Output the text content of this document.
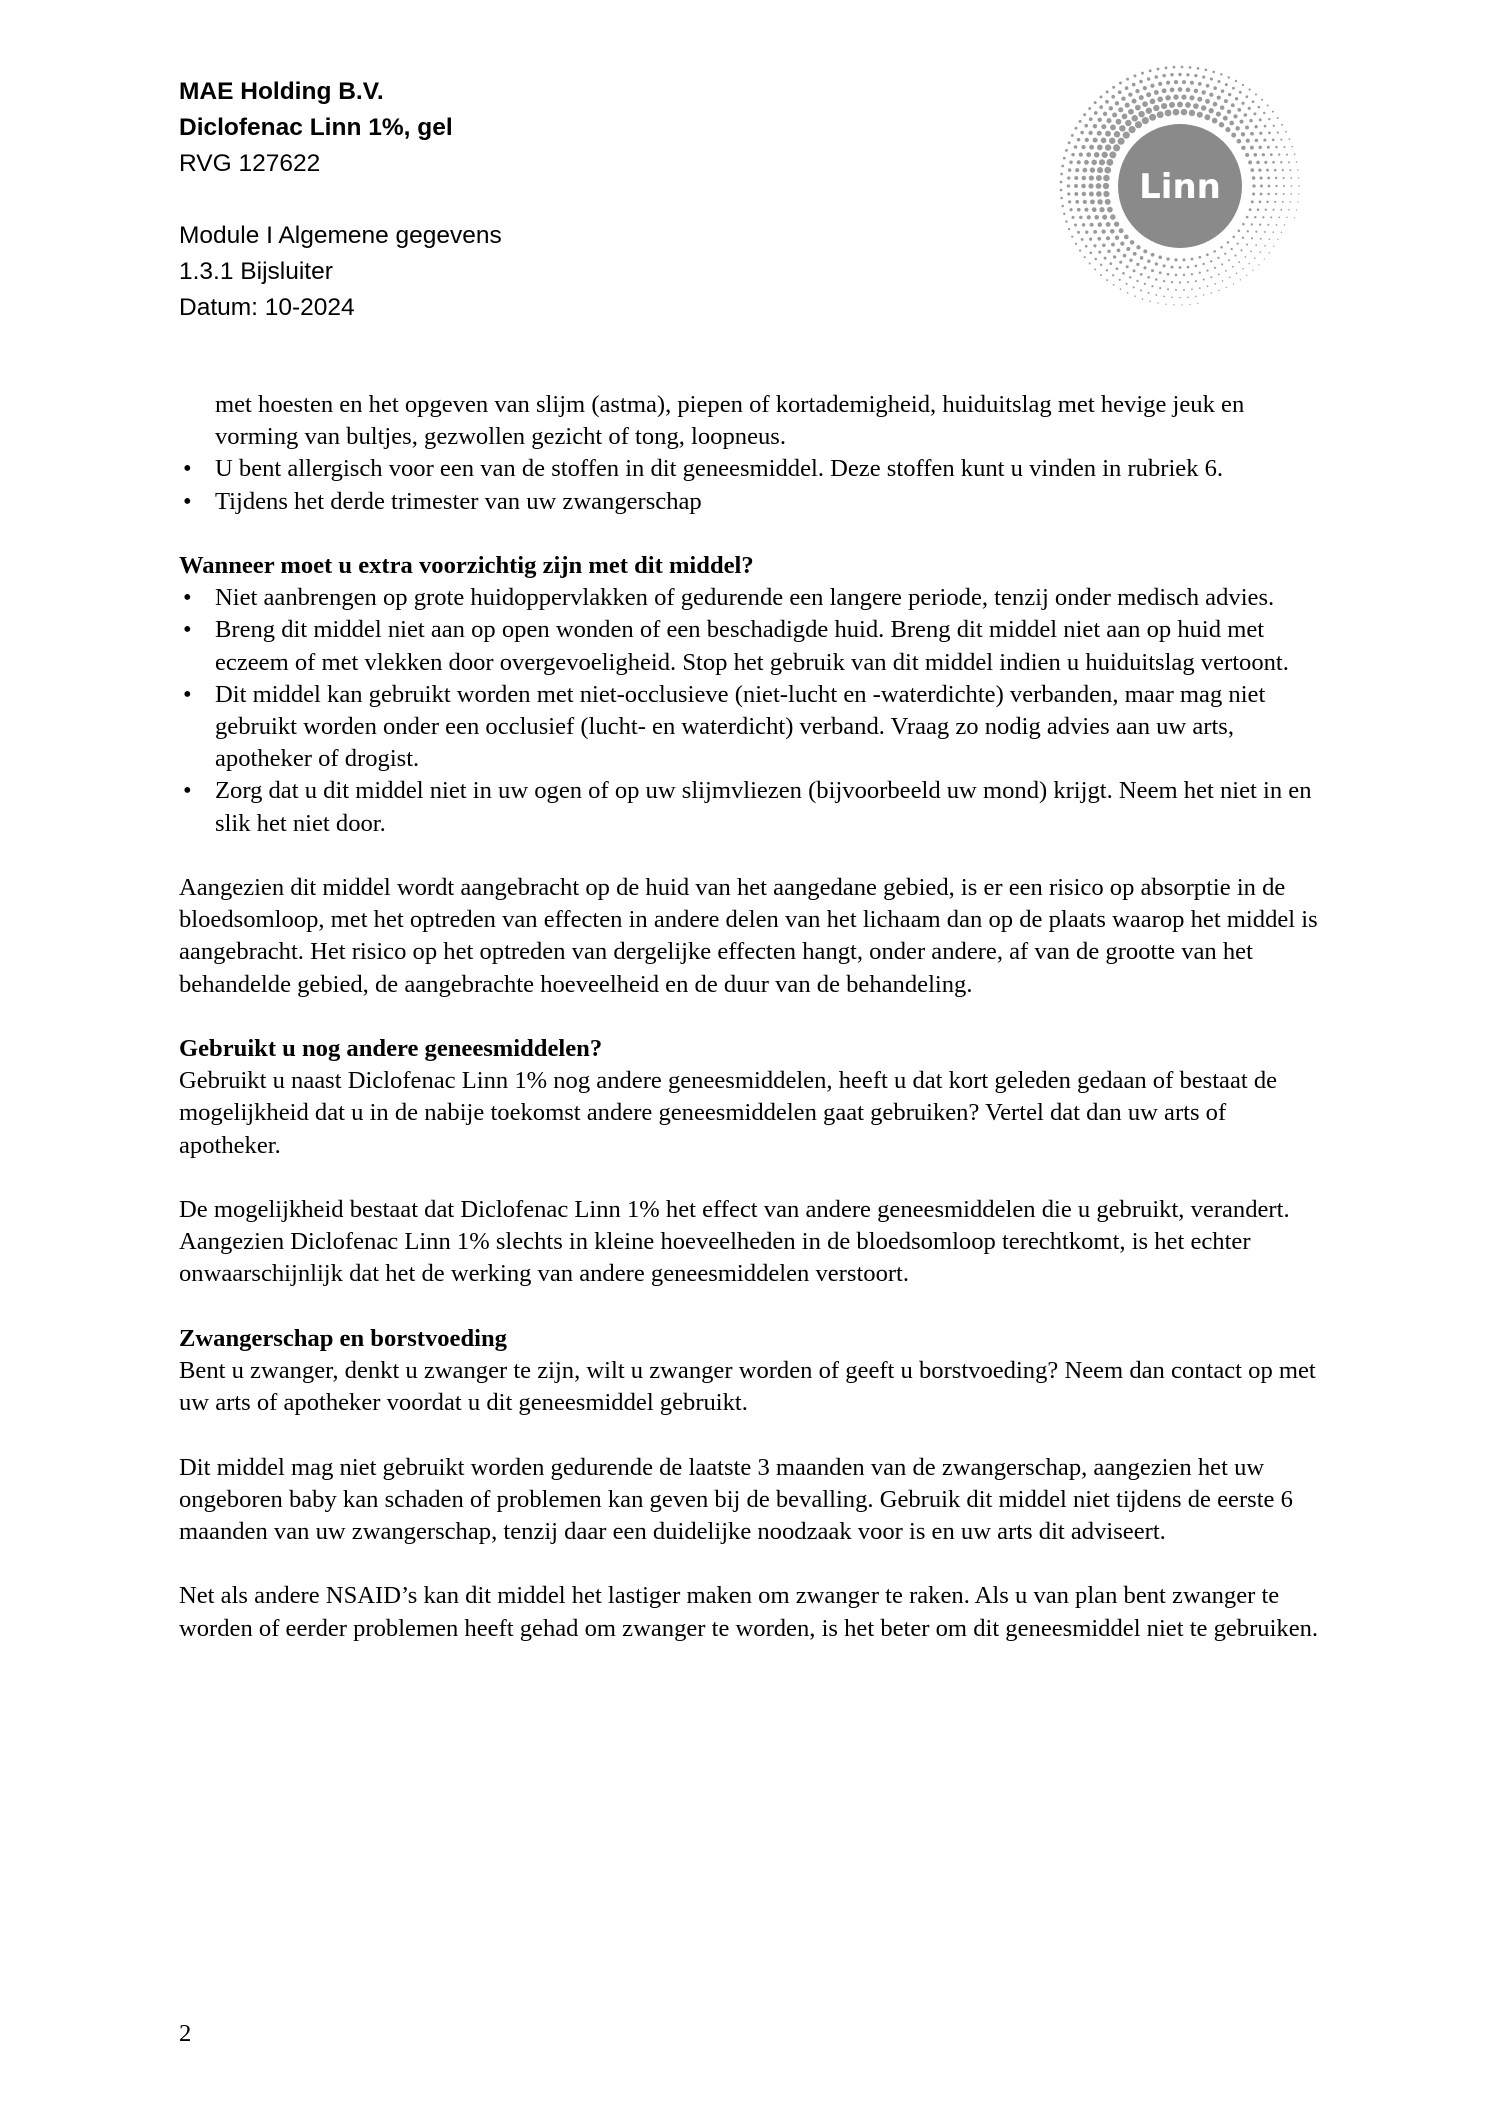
MAE Holding B.V.
Diclofenac Linn 1%, gel
RVG 127622
Module I Algemene gegevens
1.3.1 Bijsluiter
Datum: 10-2024
Linn

met hoesten en het opgeven van slijm (astma), piepen of kortademigheid, huiduitslag met hevige jeuk en vorming van bultjes, gezwollen gezicht of tong, loopneus.

• U bent allergisch voor een van de stoffen in dit geneesmiddel. Deze stoffen kunt u vinden in rubriek 6.
• Tijdens het derde trimester van uw zwangerschap
Wanneer moet u extra voorzichtig zijn met dit middel?
• Niet aanbrengen op grote huidoppervlakken of gedurende een langere periode, tenzij onder medisch advies.
• Breng dit middel niet aan op open wonden of een beschadigde huid. Breng dit middel niet aan op huid met eczeem of met vlekken door overgevoeligheid. Stop het gebruik van dit middel indien u huiduitslag vertoont.
• Dit middel kan gebruikt worden met niet-occlusieve (niet-lucht en -waterdichte) verbanden, maar mag niet gebruikt worden onder een occlusief (lucht- en waterdicht) verband. Vraag zo nodig advies aan uw arts, apotheker of drogist.
• Zorg dat u dit middel niet in uw ogen of op uw slijmvliezen (bijvoorbeeld uw mond) krijgt. Neem het niet in en slik het niet door.

Aangezien dit middel wordt aangebracht op de huid van het aangedane gebied, is er een risico op absorptie in de bloedsomloop, met het optreden van effecten in andere delen van het lichaam dan op de plaats waarop het middel is aangebracht. Het risico op het optreden van dergelijke effecten hangt, onder andere, af van de grootte van het behandelde gebied, de aangebrachte hoeveelheid en de duur van de behandeling.

Gebruikt u nog andere geneesmiddelen?

Gebruikt u naast Diclofenac Linn 1% nog andere geneesmiddelen, heeft u dat kort geleden gedaan of bestaat de mogelijkheid dat u in de nabije toekomst andere geneesmiddelen gaat gebruiken? Vertel dat dan uw arts of apotheker.

De mogelijkheid bestaat dat Diclofenac Linn 1% het effect van andere geneesmiddelen die u gebruikt, verandert. Aangezien Diclofenac Linn 1% slechts in kleine hoeveelheden in de bloedsomloop terechtkomt, is het echter onwaarschijnlijk dat het de werking van andere geneesmiddelen verstoort.

Zwangerschap en borstvoeding

Bent u zwanger, denkt u zwanger te zijn, wilt u zwanger worden of geeft u borstvoeding? Neem dan contact op met uw arts of apotheker voordat u dit geneesmiddel gebruikt.

Dit middel mag niet gebruikt worden gedurende de laatste 3 maanden van de zwangerschap, aangezien het uw ongeboren baby kan schaden of problemen kan geven bij de bevalling. Gebruik dit middel niet tijdens de eerste 6 maanden van uw zwangerschap, tenzij daar een duidelijke noodzaak voor is en uw arts dit adviseert.

Net als andere NSAID’s kan dit middel het lastiger maken om zwanger te raken. Als u van plan bent zwanger te worden of eerder problemen heeft gehad om zwanger te worden, is het beter om dit geneesmiddel niet te gebruiken.

2
